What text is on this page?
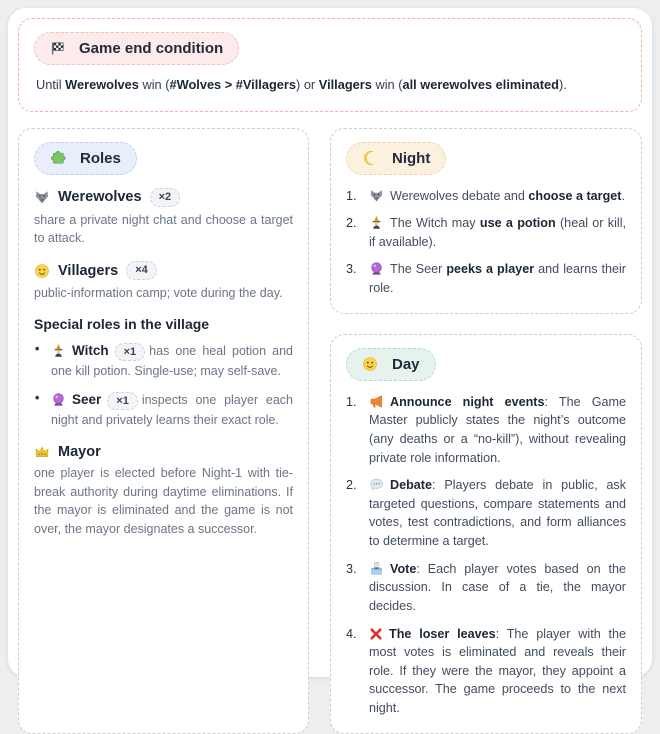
Game end condition

Until Werewolves win (#Wolves > #Villagers) or Villagers win (all werewolves eliminated).

Roles
Werewolves	×2

share a private night chat and choose a target to attack.

Villagers	×4

public-information camp; vote during the day.

Special roles in the village
• Witch ×1 has one heal potion and one kill potion. Single-use; may self-save.
• Seer ×1 inspects one player each night and privately learns their exact role.
Mayor

one player is elected before Night-1 with tie-break authority during daytime eliminations. If the mayor is eliminated and the game is not over, the mayor designates a successor.

Night
1.	Werewolves debate and choose a target.
2.	The Witch may use a potion (heal or kill, if available).
3.	The Seer peeks a player and learns their role.
Day
1.	Announce night events: The Game Master publicly states the night’s outcome (any deaths or a “no-kill”), without revealing private role information.
2.	Debate: Players debate in public, ask targeted questions, compare statements and votes, test contradictions, and form alliances to determine a target.
3.	Vote: Each player votes based on the discussion. In case of a tie, the mayor decides.
4.	The loser leaves: The player with the most votes is eliminated and reveals their role. If they were the mayor, they appoint a successor. The game proceeds to the next night.
